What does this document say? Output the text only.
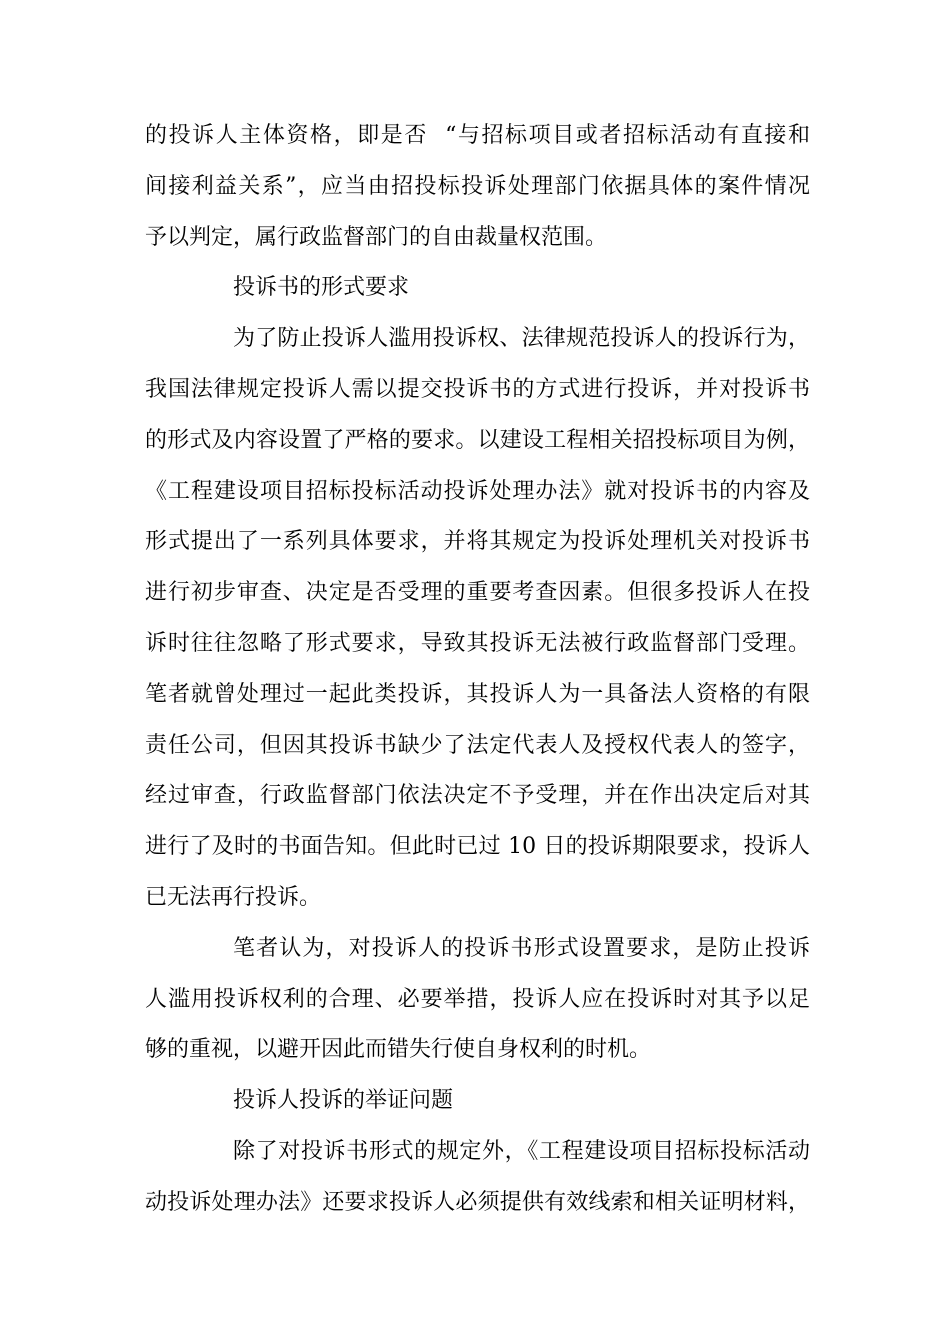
的投诉人主体资格，即是否  “与招标项目或者招标活动有直接和

间接利益关系”，应当由招投标投诉处理部门依据具体的案件情况

予以判定，属行政监督部门的自由裁量权范围。

投诉书的形式要求

为了防止投诉人滥用投诉权、法律规范投诉人的投诉行为，

我国法律规定投诉人需以提交投诉书的方式进行投诉，并对投诉书

的形式及内容设置了严格的要求。以建设工程相关招投标项目为例，

《工程建设项目招标投标活动投诉处理办法》就对投诉书的内容及

形式提出了一系列具体要求，并将其规定为投诉处理机关对投诉书

进行初步审查、决定是否受理的重要考查因素。但很多投诉人在投

诉时往往忽略了形式要求，导致其投诉无法被行政监督部门受理。

笔者就曾处理过一起此类投诉，其投诉人为一具备法人资格的有限

责任公司，但因其投诉书缺少了法定代表人及授权代表人的签字，

经过审查，行政监督部门依法决定不予受理，并在作出决定后对其

进行了及时的书面告知。但此时已过 10 日的投诉期限要求，投诉人

已无法再行投诉。

笔者认为，对投诉人的投诉书形式设置要求，是防止投诉

人滥用投诉权利的合理、必要举措，投诉人应在投诉时对其予以足

够的重视，以避开因此而错失行使自身权利的时机。

投诉人投诉的举证问题

除了对投诉书形式的规定外，《工程建设项目招标投标活动

动投诉处理办法》还要求投诉人必须提供有效线索和相关证明材料，
